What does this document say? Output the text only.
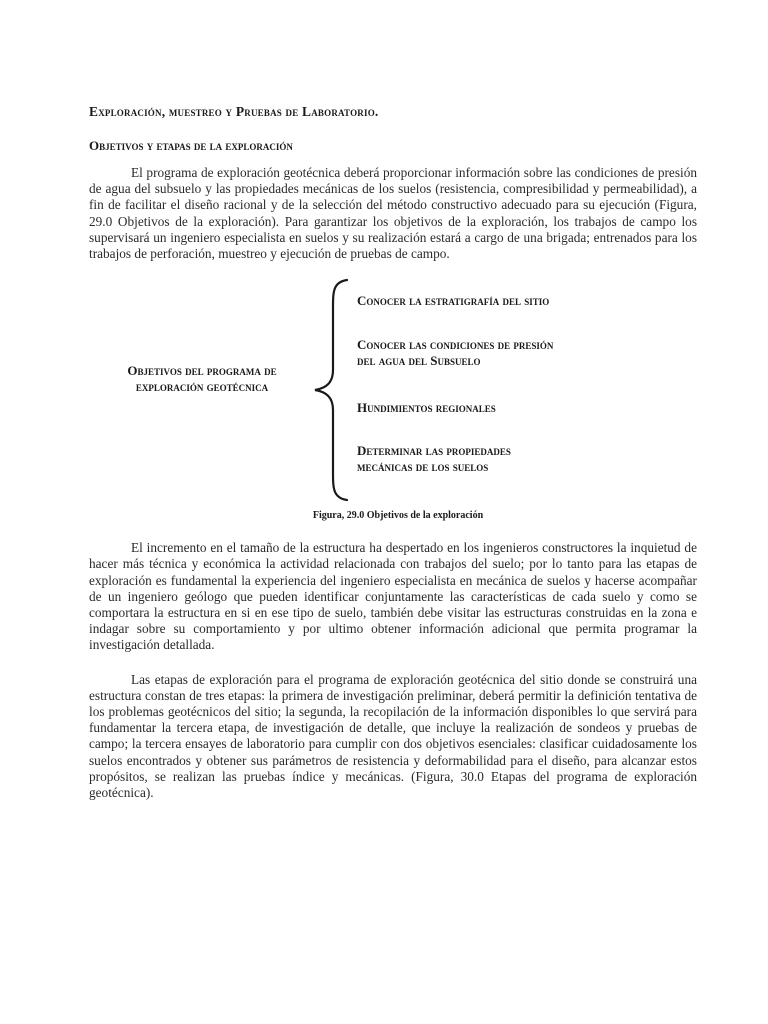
Exploración, muestreo y Pruebas de Laboratorio.
Objetivos y etapas de la exploración

El programa de exploración geotécnica deberá proporcionar información sobre las condiciones de presión de agua del subsuelo y las propiedades mecánicas de los suelos (resistencia, compresibilidad y permeabilidad), a fin de facilitar el diseño racional y de la selección del método constructivo adecuado para su ejecución (Figura, 29.0 Objetivos de la exploración). Para garantizar los objetivos de la exploración, los trabajos de campo los supervisará un ingeniero especialista en suelos y su realización estará a cargo de una brigada; entrenados para los trabajos de perforación, muestreo y ejecución de pruebas de campo.

Objetivos del programa de
exploración geotécnica
Conocer la estratigrafía del sitio
Conocer las condiciones de presión
del agua del Subsuelo
Hundimientos regionales
Determinar las propiedades
mecánicas de los suelos
Figura, 29.0 Objetivos de la exploración

El incremento en el tamaño de la estructura ha despertado en los ingenieros constructores la inquietud de hacer más técnica y económica la actividad relacionada con trabajos del suelo; por lo tanto para las etapas de exploración es fundamental la experiencia del ingeniero especialista en mecánica de suelos y hacerse acompañar de un ingeniero geólogo que pueden identificar conjuntamente las características de cada suelo y como se comportara la estructura en si en ese tipo de suelo, también debe visitar las estructuras construidas en la zona e indagar sobre su comportamiento y por ultimo obtener información adicional que permita programar la investigación detallada.

Las etapas de exploración para el programa de exploración geotécnica del sitio donde se construirá una estructura constan de tres etapas: la primera de investigación preliminar, deberá permitir la definición tentativa de los problemas geotécnicos del sitio; la segunda, la recopilación de la información disponibles lo que servirá para fundamentar la tercera etapa, de investigación de detalle, que incluye la realización de sondeos y pruebas de campo; la tercera ensayes de laboratorio para cumplir con dos objetivos esenciales: clasificar cuidadosamente los suelos encontrados y obtener sus parámetros de resistencia y deformabilidad para el diseño, para alcanzar estos propósitos, se realizan las pruebas índice y mecánicas. (Figura, 30.0 Etapas del programa de exploración geotécnica).
